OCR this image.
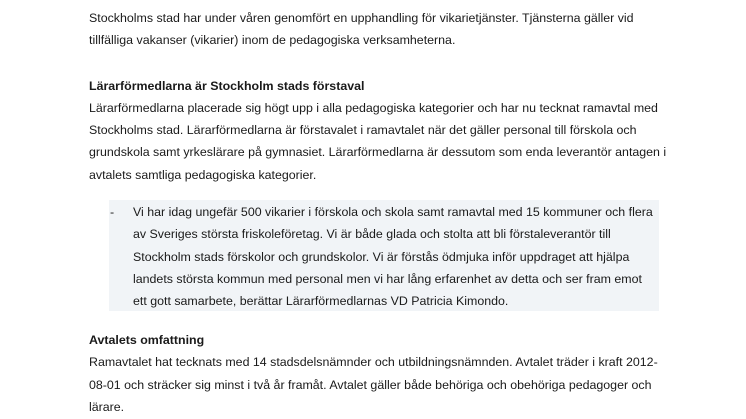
Stockholms stad har under våren genomfört en upphandling för vikarietjänster. Tjänsterna gäller vid tillfälliga vakanser (vikarier) inom de pedagogiska verksamheterna.

Lärarförmedlarna är Stockholm stads förstaval

Lärarförmedlarna placerade sig högt upp i alla pedagogiska kategorier och har nu tecknat ramavtal med Stockholms stad. Lärarförmedlarna är förstavalet i ramavtalet när det gäller personal till förskola och grundskola samt yrkeslärare på gymnasiet. Lärarförmedlarna är dessutom som enda leverantör antagen i avtalets samtliga pedagogiska kategorier.

- Vi har idag ungefär 500 vikarier i förskola och skola samt ramavtal med 15 kommuner och flera av Sveriges största friskoleföretag. Vi är både glada och stolta att bli förstaleverantör till Stockholm stads förskolor och grundskolor. Vi är förstås ödmjuka inför uppdraget att hjälpa landets största kommun med personal men vi har lång erfarenhet av detta och ser fram emot ett gott samarbete, berättar Lärarförmedlarnas VD Patricia Kimondo.

Avtalets omfattning

Ramavtalet hat tecknats med 14 stadsdelsnämnder och utbildningsnämnden. Avtalet träder i kraft 2012-08-01 och sträcker sig minst i två år framåt. Avtalet gäller både behöriga och obehöriga pedagoger och lärare.
